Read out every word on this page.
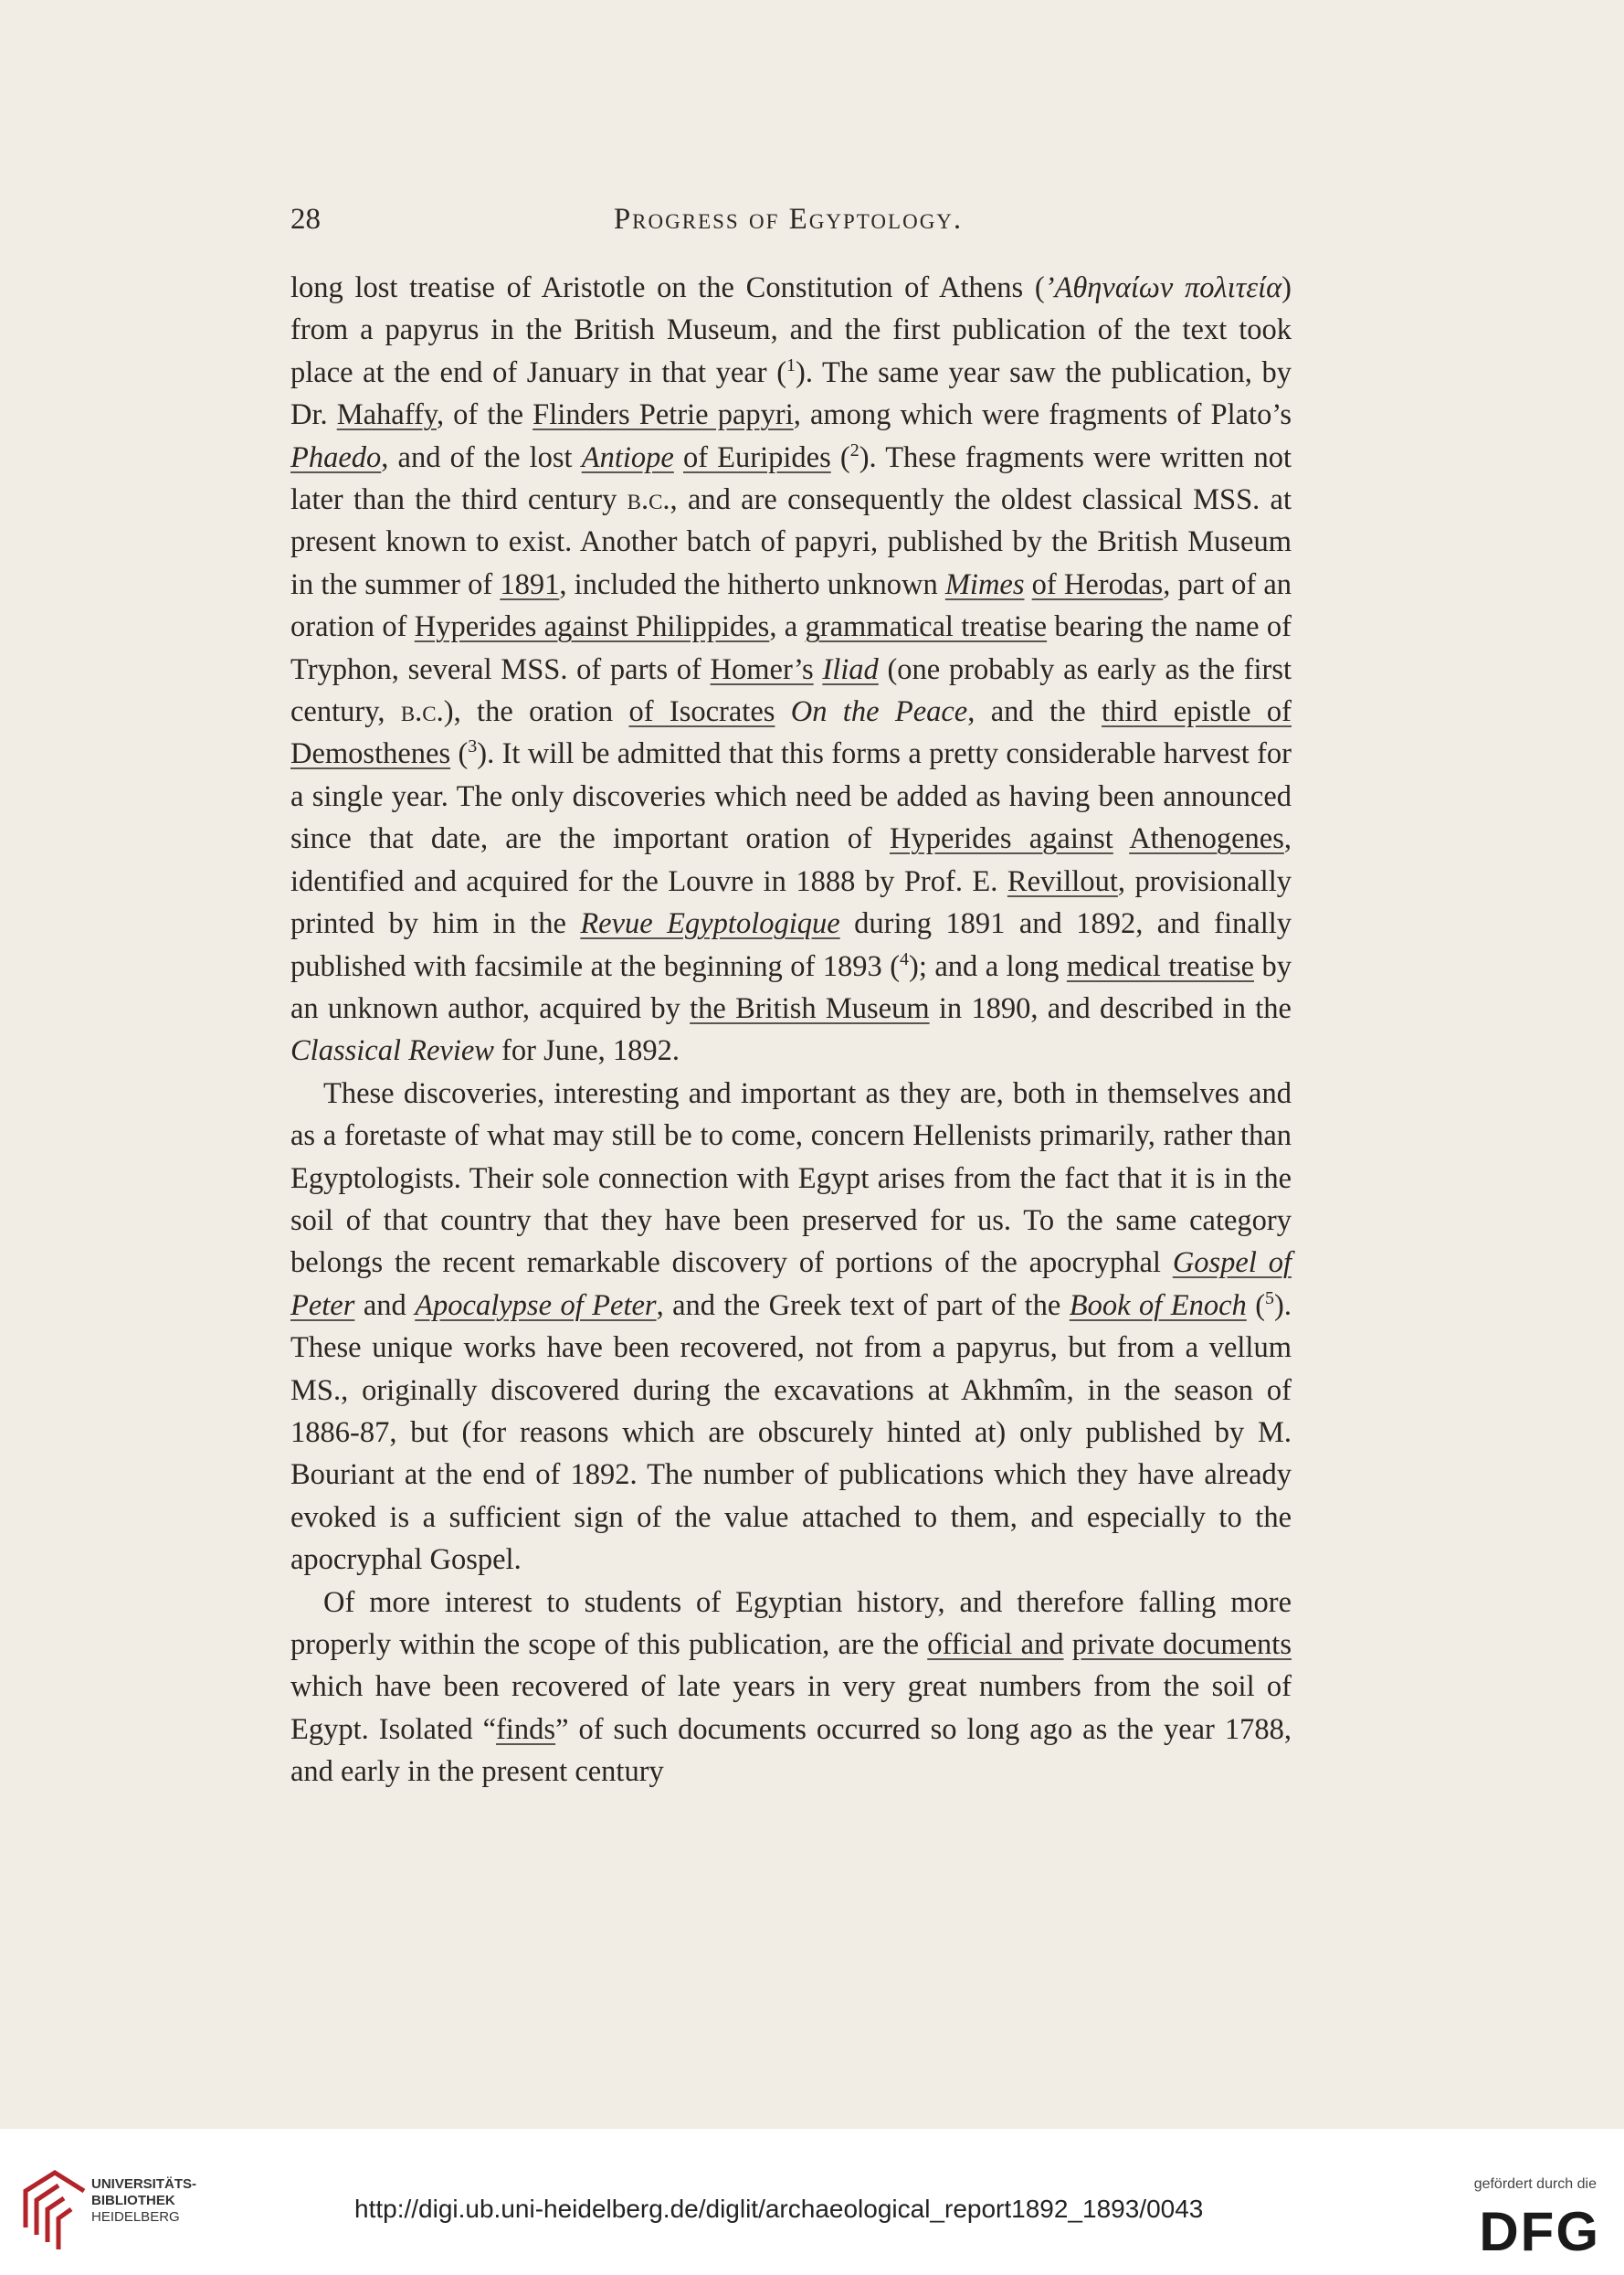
28	Progress of Egyptology.

long lost treatise of Aristotle on the Constitution of Athens (’Αθηναίων πολιτεία) from a papyrus in the British Museum, and the first publication of the text took place at the end of January in that year ($^1$). The same year saw the publication, by Dr. Mahaffy, of the Flinders Petrie papyri, among which were fragments of Plato’s Phaedo, and of the lost Antiope of Euripides ($^2$). These fragments were written not later than the third century b.c., and are consequently the oldest classical MSS. at present known to exist. Another batch of papyri, published by the British Museum in the summer of 1891, included the hitherto unknown Mimes of Herodas, part of an oration of Hyperides against Philippides, a grammatical treatise bearing the name of Tryphon, several MSS. of parts of Homer’s Iliad (one probably as early as the first century, b.c.), the oration of Isocrates On the Peace, and the third epistle of Demosthenes ($^3$). It will be admitted that this forms a pretty considerable harvest for a single year. The only discoveries which need be added as having been announced since that date, are the important oration of Hyperides against Athenogenes, identified and acquired for the Louvre in 1888 by Prof. E. Revillout, provisionally printed by him in the Revue Egyptologique during 1891 and 1892, and finally published with facsimile at the beginning of 1893 ($^4$); and a long medical treatise by an unknown author, acquired by the British Museum in 1890, and described in the Classical Review for June, 1892.

These discoveries, interesting and important as they are, both in themselves and as a foretaste of what may still be to come, concern Hellenists primarily, rather than Egyptologists. Their sole connection with Egypt arises from the fact that it is in the soil of that country that they have been preserved for us. To the same category belongs the recent remarkable discovery of portions of the apocryphal Gospel of Peter and Apocalypse of Peter, and the Greek text of part of the Book of Enoch ($^5$). These unique works have been recovered, not from a papyrus, but from a vellum MS., originally discovered during the excavations at Akhmîm, in the season of 1886-87, but (for reasons which are obscurely hinted at) only published by M. Bouriant at the end of 1892. The number of publications which they have already evoked is a sufficient sign of the value attached to them, and especially to the apocryphal Gospel.

Of more interest to students of Egyptian history, and therefore falling more properly within the scope of this publication, are the official and private documents which have been recovered of late years in very great numbers from the soil of Egypt. Isolated “finds” of such documents occurred so long ago as the year 1788, and early in the present century

UNIVERSITÄTS-
BIBLIOTHEK
HEIDELBERG	http://digi.ub.uni-heidelberg.de/diglit/archaeological_report1892_1893/0043
gefördert durch die
DFG
